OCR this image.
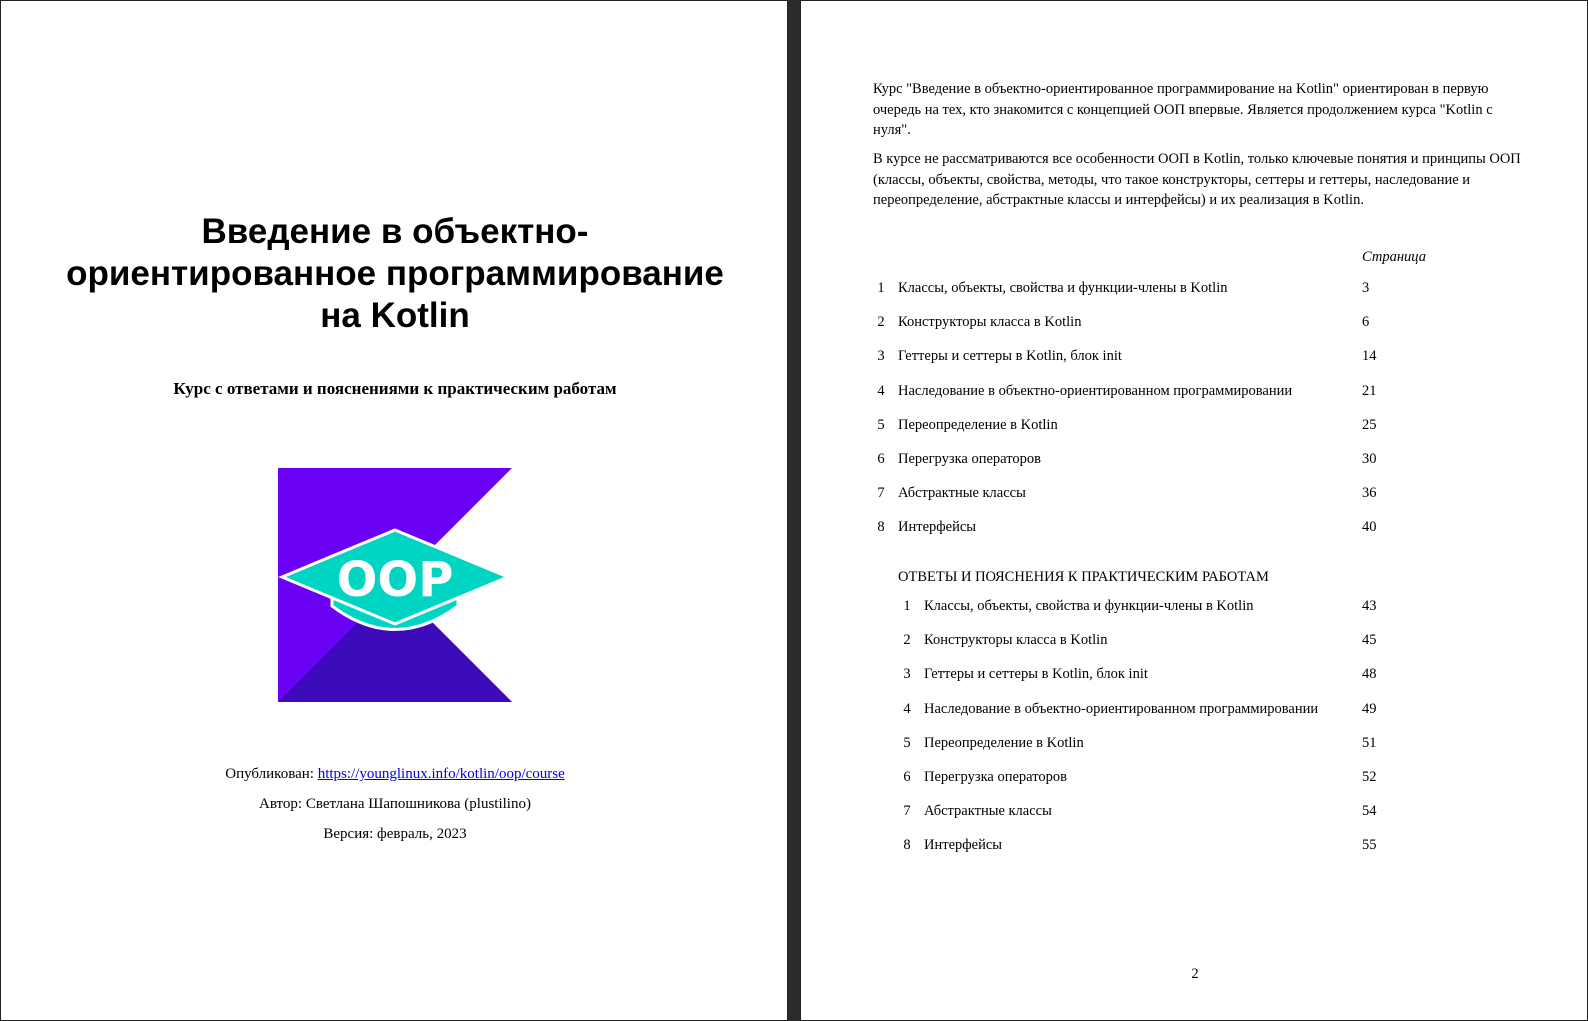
Введение в объектно-ориентированное программирование на Kotlin
Курс с ответами и пояснениями к практическим работам
OOP
Опубликован: https://younglinux.info/kotlin/oop/course
Автор: Светлана Шапошникова (plustilino)
Версия: февраль, 2023

Курс "Введение в объектно-ориентированное программирование на Kotlin" ориентирован в первую очередь на тех, кто знакомится с концепцией ООП впервые. Является продолжением курса "Kotlin с нуля".

В курсе не рассматриваются все особенности ООП в Kotlin, только ключевые понятия и принципы ООП (классы, объекты, свойства, методы, что такое конструкторы, сеттеры и геттеры, наследование и переопределение, абстрактные классы и интерфейсы) и их реализация в Kotlin.

Страница
1 Классы, объекты, свойства и функции-члены в Kotlin	3
2 Конструкторы класса в Kotlin	6
3 Геттеры и сеттеры в Kotlin, блок init	14
4 Наследование в объектно-ориентированном программировании	21
5 Переопределение в Kotlin	25
6 Перегрузка операторов	30
7 Абстрактные классы	36
8 Интерфейсы	40
ОТВЕТЫ И ПОЯСНЕНИЯ К ПРАКТИЧЕСКИМ РАБОТАМ
1 Классы, объекты, свойства и функции-члены в Kotlin	43
2 Конструкторы класса в Kotlin	45
3 Геттеры и сеттеры в Kotlin, блок init	48
4 Наследование в объектно-ориентированном программировании	49
5 Переопределение в Kotlin	51
6 Перегрузка операторов	52
7 Абстрактные классы	54
8 Интерфейсы	55
2
